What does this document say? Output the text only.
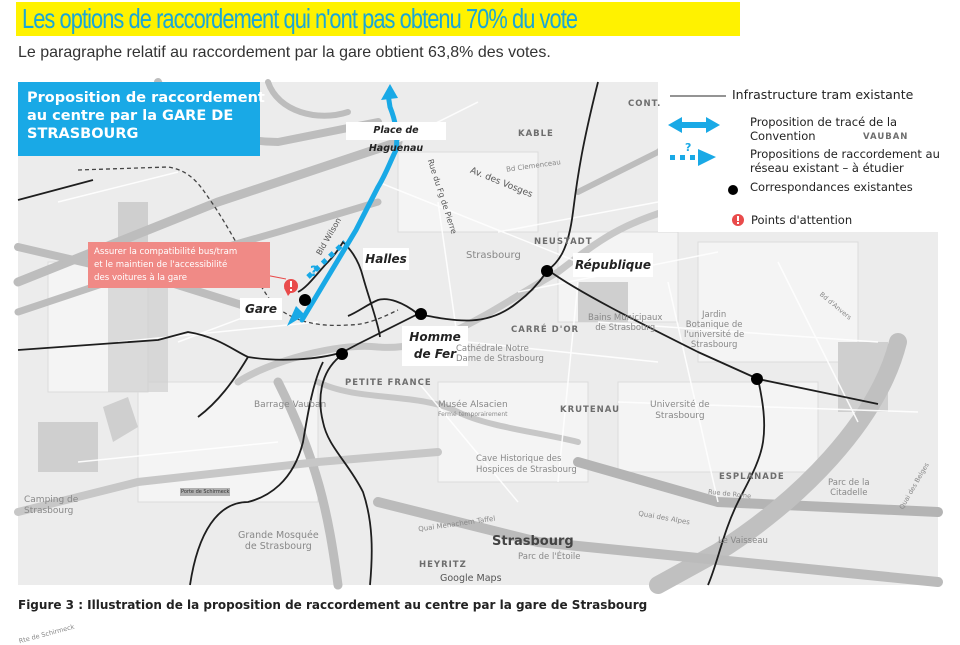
Les options de raccordement qui n'ont pas obtenu 70% du vote
Le paragraphe relatif au raccordement par la gare obtient 63,8% des votes.
Proposition de raccordement
au centre par la GARE DE
STRASBOURG
?
Infrastructure tram existante
Proposition de tracé de la
Convention
Propositions de raccordement au
réseau existant – à étudier
Correspondances existantes
Points d'attention
Assurer la compatibilité bus/tram
et le maintien de l'accessibilité
des voitures à la gare
Place de Haguenau
Halles
Gare
Homme
de Fer
République
?
Bld Wilson
Rue du Fg de Pierre Av. des Vosges
Bd Clemenceau
Quai Menachem Taffel	Quai des Alpes
Rue de Rome	Quai des Belges
Bd d'Anvers
Rte de Schirmeck
KABLE
CONT.
NEUSTADT
CARRÉ D'OR
PETITE FRANCE
KRUTENAU
ESPLANADE
VAUBAN
HEYRITZ
Strasbourg
Bains Municipaux
de Strasbourg
Jardin
Botanique de
l'université de
Strasbourg
Cathédrale Notre
Dame de Strasbourg
Barrage Vauban	Musée Alsacien
Fermé temporairement
Université de
Strasbourg
Cave Historique des
Hospices de Strasbourg
Camping de
Strasbourg
Grande Mosquée
de Strasbourg	Strasbourg
Parc de l'Étoile
Le Vaisseau
Parc de la
Citadelle
Porte de Schirmeck
Google Maps
Figure 3 : Illustration de la proposition de raccordement au centre par la gare de Strasbourg
